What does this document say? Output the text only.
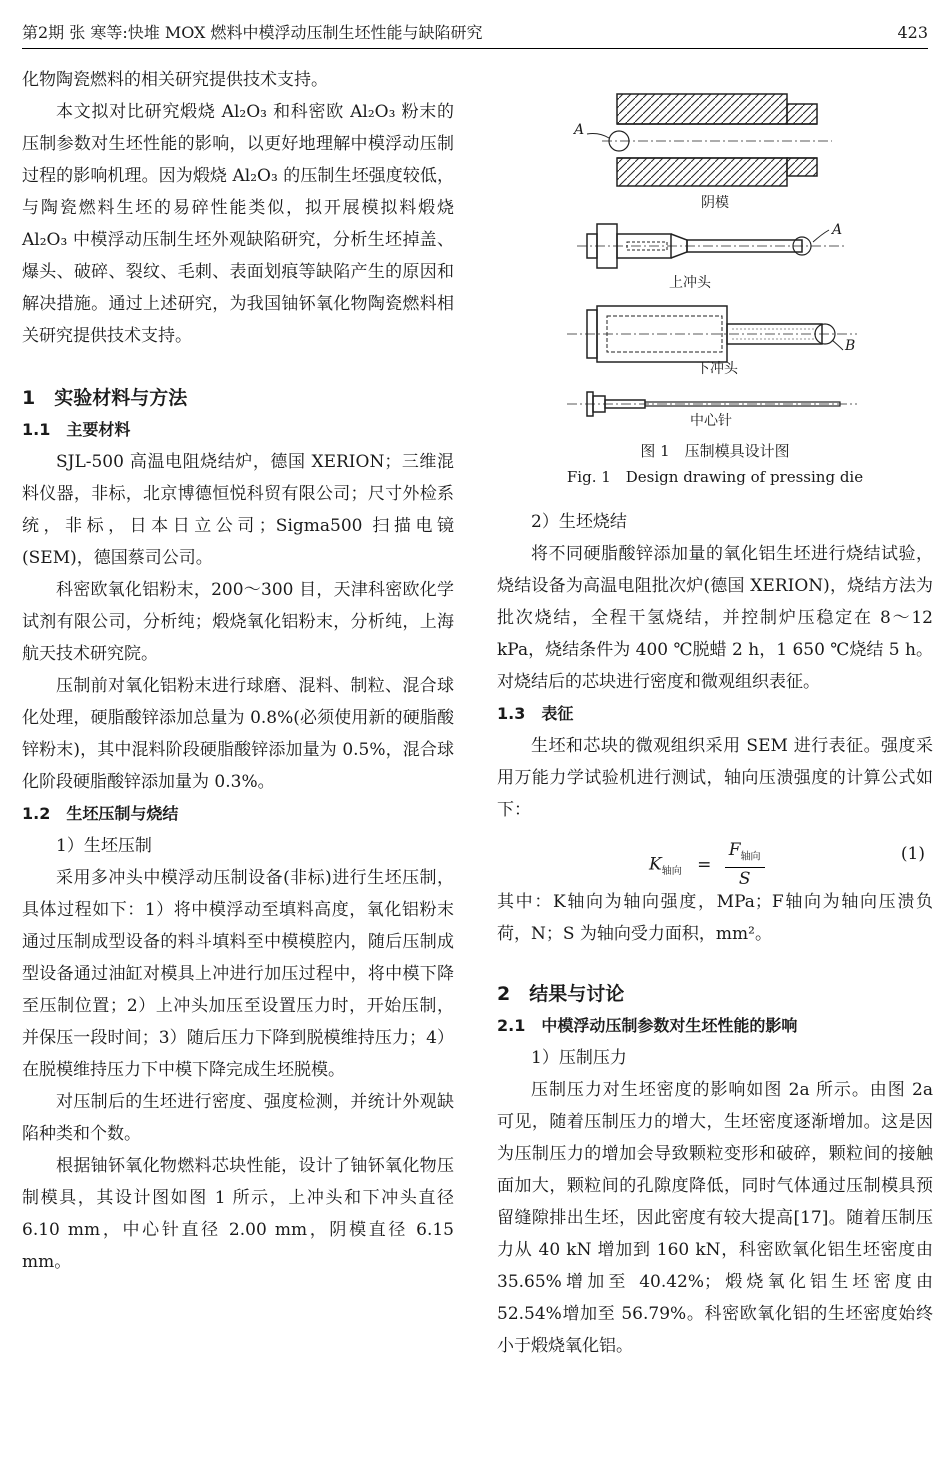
第2期 张 寒等:快堆 MOX 燃料中模浮动压制生坯性能与缺陷研究	423

化物陶瓷燃料的相关研究提供技术支持。

本文拟对比研究煅烧 Al₂O₃ 和科密欧 Al₂O₃ 粉末的压制参数对生坯性能的影响，以更好地理解中模浮动压制过程的影响机理。因为煅烧 Al₂O₃ 的压制生坯强度较低，与陶瓷燃料生坯的易碎性能类似，拟开展模拟料煅烧 Al₂O₃ 中模浮动压制生坯外观缺陷研究，分析生坯掉盖、爆头、破碎、裂纹、毛刺、表面划痕等缺陷产生的原因和解决措施。通过上述研究，为我国铀钚氧化物陶瓷燃料相关研究提供技术支持。

1　实验材料与方法
1.1　主要材料

SJL-500 高温电阻烧结炉，德国 XERION；三维混料仪器，非标，北京博德恒悦科贸有限公司；尺寸外检系统，非标，日本日立公司；Sigma500 扫描电镜(SEM)，德国蔡司公司。

科密欧氧化铝粉末，200～300 目，天津科密欧化学试剂有限公司，分析纯；煅烧氧化铝粉末，分析纯，上海航天技术研究院。

压制前对氧化铝粉末进行球磨、混料、制粒、混合球化处理，硬脂酸锌添加总量为 0.8%(必须使用新的硬脂酸锌粉末)，其中混料阶段硬脂酸锌添加量为 0.5%，混合球化阶段硬脂酸锌添加量为 0.3%。

1.2　生坯压制与烧结

1）生坯压制

采用多冲头中模浮动压制设备(非标)进行生坯压制，具体过程如下：1）将中模浮动至填料高度，氧化铝粉末通过压制成型设备的料斗填料至中模模腔内，随后压制成型设备通过油缸对模具上冲进行加压过程中，将中模下降至压制位置；2）上冲头加压至设置压力时，开始压制，并保压一段时间；3）随后压力下降到脱模维持压力；4）在脱模维持压力下中模下降完成生坯脱模。

对压制后的生坯进行密度、强度检测，并统计外观缺陷种类和个数。

根据铀钚氧化物燃料芯块性能，设计了铀钚氧化物压制模具，其设计图如图 1 所示，上冲头和下冲头直径 6.10 mm，中心针直径 2.00 mm，阴模直径 6.15 mm。

A
阴模
A
上冲头
B
下冲头
中心针

图 1　压制模具设计图

Fig. 1　Design drawing of pressing die

2）生坯烧结

将不同硬脂酸锌添加量的氧化铝生坯进行烧结试验，烧结设备为高温电阻批次炉(德国 XERION)，烧结方法为批次烧结，全程干氢烧结，并控制炉压稳定在 8～12 kPa，烧结条件为 400 ℃脱蜡 2 h，1 650 ℃烧结 5 h。对烧结后的芯块进行密度和微观组织表征。

1.3　表征

生坯和芯块的微观组织采用 SEM 进行表征。强度采用万能力学试验机进行测试，轴向压溃强度的计算公式如下：

$K_{轴向} = \frac{F_{轴向}}{S}$	(1)

其中：K轴向为轴向强度，MPa；F轴向为轴向压溃负荷，N；S 为轴向受力面积，mm²。

2　结果与讨论
2.1　中模浮动压制参数对生坯性能的影响

1）压制压力

压制压力对生坯密度的影响如图 2a 所示。由图 2a 可见，随着压制压力的增大，生坯密度逐渐增加。这是因为压制压力的增加会导致颗粒变形和破碎，颗粒间的接触面加大，颗粒间的孔隙度降低，同时气体通过压制模具预留缝隙排出生坯，因此密度有较大提高[17]。随着压制压力从 40 kN 增加到 160 kN，科密欧氧化铝生坯密度由 35.65%增加至 40.42%；煅烧氧化铝生坯密度由 52.54%增加至 56.79%。科密欧氧化铝的生坯密度始终小于煅烧氧化铝。
